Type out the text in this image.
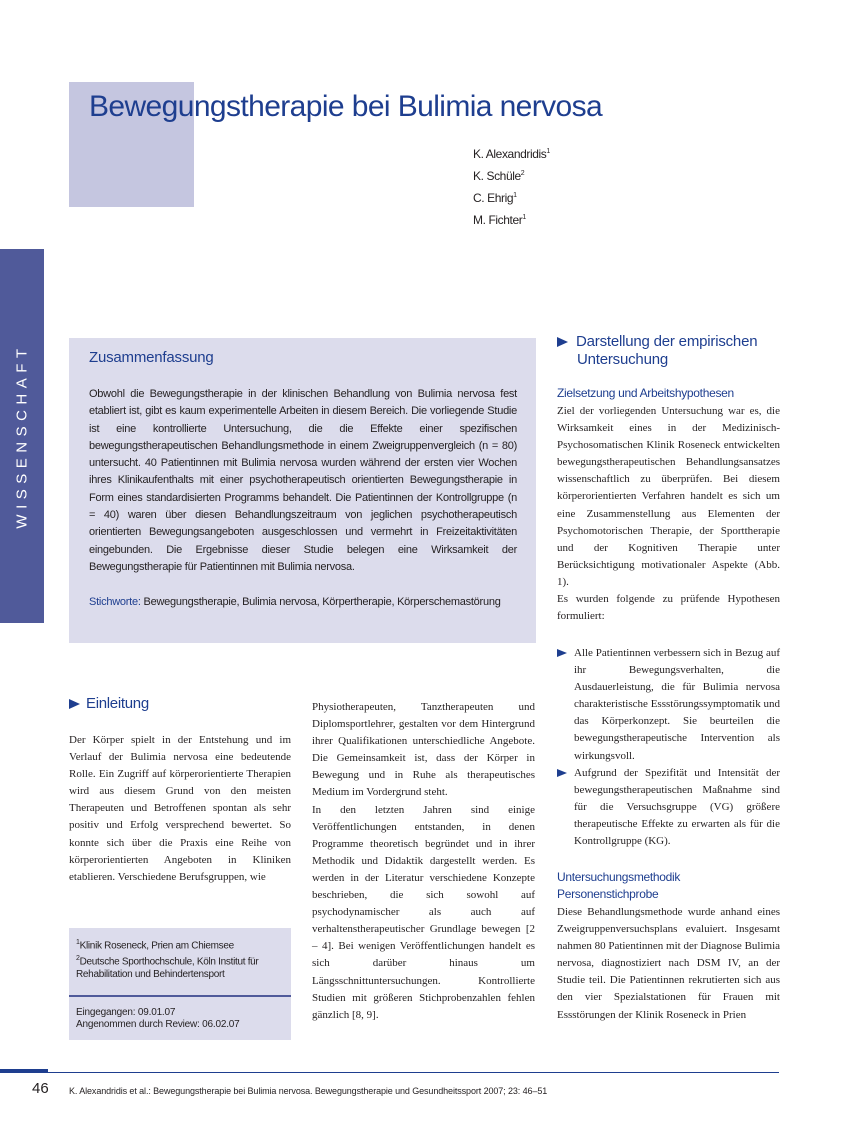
Bewegungstherapie bei Bulimia nervosa
K. Alexandridis$^1$
K. Schüle$^2$
C. Ehrig$^1$
M. Fichter$^1$
WISSENSCHAFT	Zusammenfassung

Obwohl die Bewegungstherapie in der klinischen Behandlung von Bulimia nervosa fest etabliert ist, gibt es kaum experimentelle Arbeiten in diesem Bereich. Die vorliegende Studie ist eine kontrollierte Untersuchung, die die Effekte einer spezifischen bewegungstherapeutischen Behandlungsmethode in einem Zweigruppenvergleich (n = 80) untersucht. 40 Patientinnen mit Bulimia nervosa wurden während der ersten vier Wochen ihres Klinikaufenthalts mit einer psychotherapeutisch orientierten Bewegungstherapie in Form eines standardisierten Programms behandelt. Die Patientinnen der Kontrollgruppe (n = 40) waren über diesen Behandlungszeitraum von jeglichen psychotherapeutisch orientierten Bewegungsangeboten ausgeschlossen und vermehrt in Freizeitaktivitäten eingebunden. Die Ergebnisse dieser Studie belegen eine Wirksamkeit der Bewegungstherapie für Patientinnen mit Bulimia nervosa.

Stichworte: Bewegungstherapie, Bulimia nervosa, Körpertherapie, Körperschemastörung

Einleitung

Der Körper spielt in der Entstehung und im Verlauf der Bulimia nervosa eine bedeutende Rolle. Ein Zugriff auf körperorientierte Therapien wird aus diesem Grund von den meisten Therapeuten und Betroffenen spontan als sehr positiv und Erfolg versprechend bewertet. So konnte sich über die Praxis eine Reihe von körperorientierten Angeboten in Kliniken etablieren. Verschiedene Berufsgruppen, wie

Physiotherapeuten, Tanztherapeuten und Diplomsportlehrer, gestalten vor dem Hintergrund ihrer Qualifikationen unterschiedliche Angebote. Die Gemeinsamkeit ist, dass der Körper in Bewegung und in Ruhe als therapeutisches Medium im Vordergrund steht.
In den letzten Jahren sind einige Veröffentlichungen entstanden, in denen Programme theoretisch begründet und in ihrer Methodik und Didaktik dargestellt werden. Es werden in der Literatur verschiedene Konzepte beschrieben, die sich sowohl auf psychodynamischer als auch auf verhaltenstherapeutischer Grundlage bewegen [2 – 4]. Bei wenigen Veröffentlichungen handelt es sich darüber hinaus um Längsschnittuntersuchungen. Kontrollierte Studien mit größeren Stichprobenzahlen fehlen gänzlich [8, 9].
$^1$Klinik Roseneck, Prien am Chiemsee
$^2$Deutsche Sporthochschule, Köln Institut für Rehabilitation und Behindertensport
Eingegangen: 09.01.07
Angenommen durch Review: 06.02.07
Darstellung der empirischen
Untersuchung
Zielsetzung und Arbeitshypothesen
Ziel der vorliegenden Untersuchung war es, die Wirksamkeit eines in der Medizinisch-Psychosomatischen Klinik Roseneck entwickelten bewegungstherapeutischen Behandlungsansatzes wissenschaftlich zu überprüfen. Bei diesem körperorientierten Verfahren handelt es sich um eine Zusammenstellung aus Elementen der Psychomotorischen Therapie, der Sporttherapie und der Kognitiven Therapie unter Berücksichtigung motivationaler Aspekte (Abb. 1).
Es wurden folgende zu prüfende Hypothesen formuliert:
Alle Patientinnen verbessern sich in Bezug auf ihr Bewegungsverhalten, die Ausdauerleistung, die für Bulimia nervosa charakteristische Essstörungssymptomatik und das Körperkonzept. Sie beurteilen die bewegungstherapeutische Intervention als wirkungsvoll.
Aufgrund der Spezifität und Intensität der bewegungstherapeutischen Maßnahme sind für die Versuchsgruppe (VG) größere therapeutische Effekte zu erwarten als für die Kontrollgruppe (KG).
Untersuchungsmethodik
Personenstichprobe

Diese Behandlungsmethode wurde anhand eines Zweigruppenversuchsplans evaluiert. Insgesamt nahmen 80 Patientinnen mit der Diagnose Bulimia nervosa, diagnostiziert nach DSM IV, an der Studie teil. Die Patientinnen rekrutierten sich aus den vier Spezialstationen für Frauen mit Essstörungen der Klinik Roseneck in Prien

46 K. Alexandridis et al.: Bewegungstherapie bei Bulimia nervosa. Bewegungstherapie und Gesundheitssport 2007; 23: 46–51
